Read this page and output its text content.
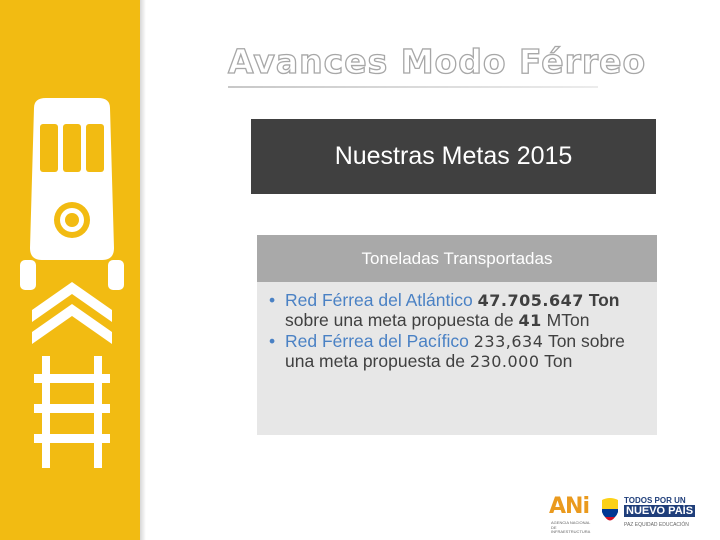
Avances Modo Férreo
Nuestras Metas 2015
Toneladas Transportadas
• Red Férrea del Atlántico 47.705.647 Ton sobre una meta propuesta de 41 MTon
• Red Férrea del Pacífico 233,634 Ton sobre una meta propuesta de 230.000 Ton
ANi
AGENCIA NACIONAL DE INFRAESTRUCTURA
TODOS POR UN
NUEVO PAÍS
PAZ EQUIDAD EDUCACIÓN
